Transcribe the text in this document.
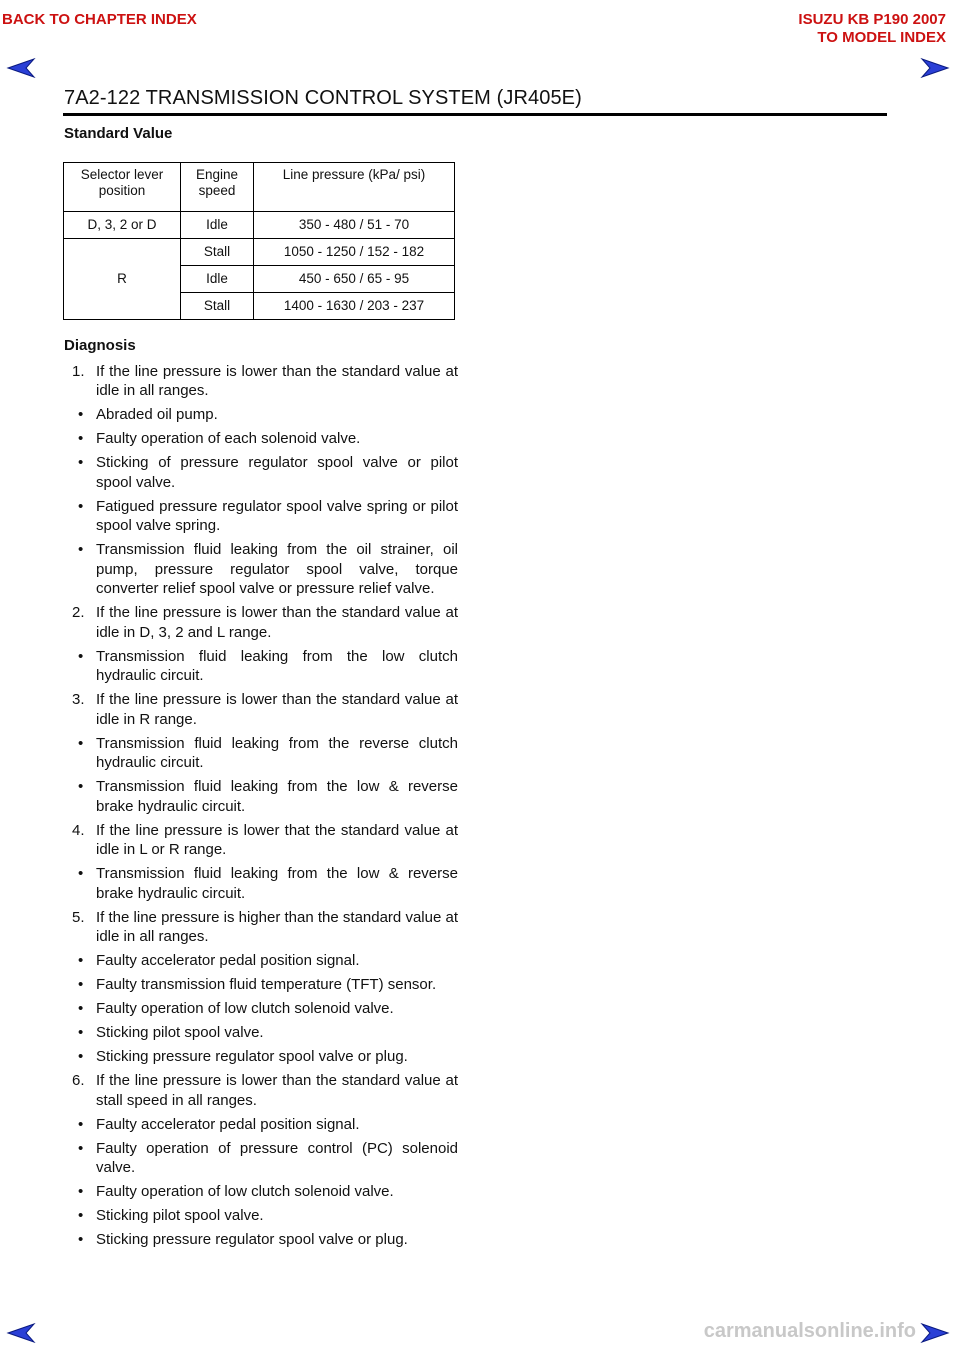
BACK TO CHAPTER INDEX	ISUZU KB P190 2007
TO MODEL INDEX
7A2-122 TRANSMISSION CONTROL SYSTEM (JR405E)
Standard Value
Selector lever position	Engine speed	Line pressure (kPa/ psi)
D, 3, 2 or D	Idle	350 - 480 / 51 - 70
R	Stall	1050 - 1250 / 152 - 182
	Idle	450 - 650 / 65 - 95
	Stall	1400 - 1630 / 203 - 237
Diagnosis
1. If the line pressure is lower than the standard value at idle in all ranges.
• Abraded oil pump.
• Faulty operation of each solenoid valve.
• Sticking of pressure regulator spool valve or pilot spool valve.
• Fatigued pressure regulator spool valve spring or pilot spool valve spring.
• Transmission fluid leaking from the oil strainer, oil pump, pressure regulator spool valve, torque converter relief spool valve or pressure relief valve.
2. If the line pressure is lower than the standard value at idle in D, 3, 2 and L range.
• Transmission fluid leaking from the low clutch hydraulic circuit.
3. If the line pressure is lower than the standard value at idle in R range.
• Transmission fluid leaking from the reverse clutch hydraulic circuit.
• Transmission fluid leaking from the low & reverse brake hydraulic circuit.
4. If the line pressure is lower that the standard value at idle in L or R range.
• Transmission fluid leaking from the low & reverse brake hydraulic circuit.
5. If the line pressure is higher than the standard value at idle in all ranges.
• Faulty accelerator pedal position signal.
• Faulty transmission fluid temperature (TFT) sensor.
• Faulty operation of low clutch solenoid valve.
• Sticking pilot spool valve.
• Sticking pressure regulator spool valve or plug.
6. If the line pressure is lower than the standard value at stall speed in all ranges.
• Faulty accelerator pedal position signal.
• Faulty operation of pressure control (PC) solenoid valve.
• Faulty operation of low clutch solenoid valve.
• Sticking pilot spool valve.
• Sticking pressure regulator spool valve or plug.
carmanualsonline.info
